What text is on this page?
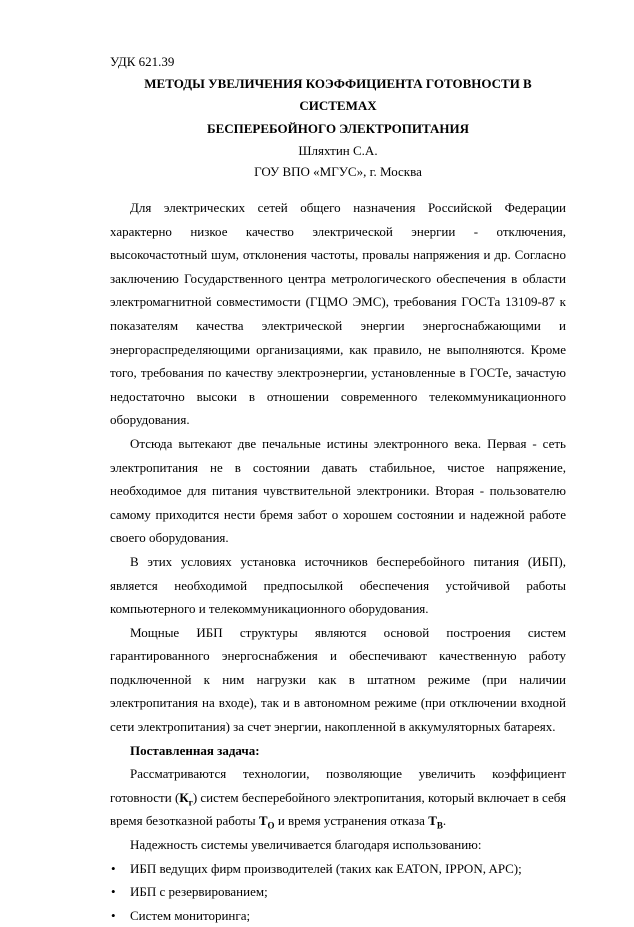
УДК 621.39

МЕТОДЫ УВЕЛИЧЕНИЯ КОЭФФИЦИЕНТА ГОТОВНОСТИ В СИСТЕМАХ

БЕСПЕРЕБОЙНОГО ЭЛЕКТРОПИТАНИЯ

Шляхтин С.А.

ГОУ ВПО «МГУС», г. Москва

Для электрических сетей общего назначения Российской Федерации характерно низкое качество электрической энергии - отключения, высокочастотный шум, отклонения частоты, провалы напряжения и др. Согласно заключению Государственного центра метрологического обеспечения в области электромагнитной совместимости (ГЦМО ЭМС), требования ГОСТа 13109-87 к показателям качества электрической энергии энергоснабжающими и энергораспределяющими организациями, как правило, не выполняются. Кроме того, требования по качеству электроэнергии, установленные в ГОСТе, зачастую недостаточно высоки в отношении современного телекоммуникационного оборудования.

Отсюда вытекают две печальные истины электронного века. Первая - сеть электропитания не в состоянии давать стабильное, чистое напряжение, необходимое для питания чувствительной электроники. Вторая - пользователю самому приходится нести бремя забот о хорошем состоянии и надежной работе своего оборудования.

В этих условиях установка источников бесперебойного питания (ИБП), является необходимой предпосылкой обеспечения устойчивой работы компьютерного и телекоммуникационного оборудования.

Мощные ИБП структуры являются основой построения систем гарантированного энергоснабжения и обеспечивают качественную работу подключенной к ним нагрузки как в штатном режиме (при наличии электропитания на входе), так и в автономном режиме (при отключении входной сети электропитания) за счет энергии, накопленной в аккумуляторных батареях.

Поставленная задача:

Рассматриваются технологии, позволяющие увеличить коэффициент готовности $(К_г)$ систем бесперебойного электропитания, который включает в себя время безотказной работы $Т_О$ и время устранения отказа $Т_В$.

Надежность системы увеличивается благодаря использованию:

• ИБП ведущих фирм производителей (таких как EATON, IPPON, APC);
• ИБП с резервированием;
• Систем мониторинга;
